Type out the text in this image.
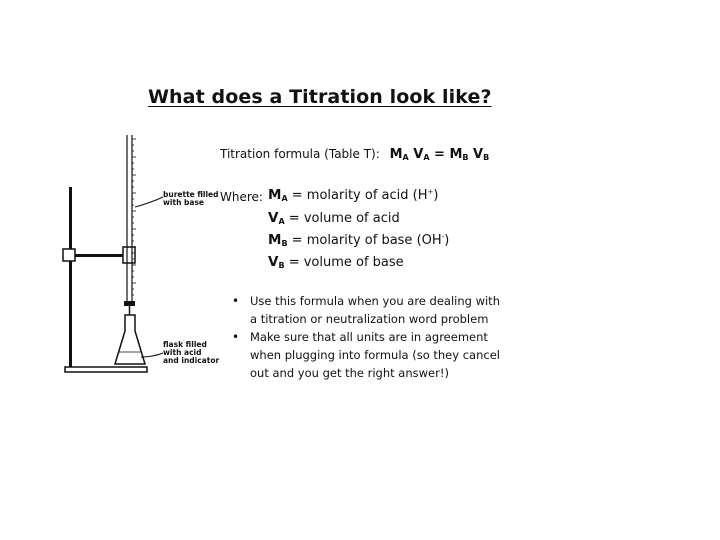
What does a Titration look like?
burette filled
with base
flask filled
with acid
and indicator
Titration formula (Table T): $M_A$ $V_A = M_B$ $V_B$
Where: $M_A$ = molarity of acid (H+)
$V_A$ = volume of acid
$M_B$ = molarity of base (OH-)
$V_B$ = volume of base
• Use this formula when you are dealing with a titration or neutralization word problem
• Make sure that all units are in agreement when plugging into formula (so they cancel out and you get the right answer!)
